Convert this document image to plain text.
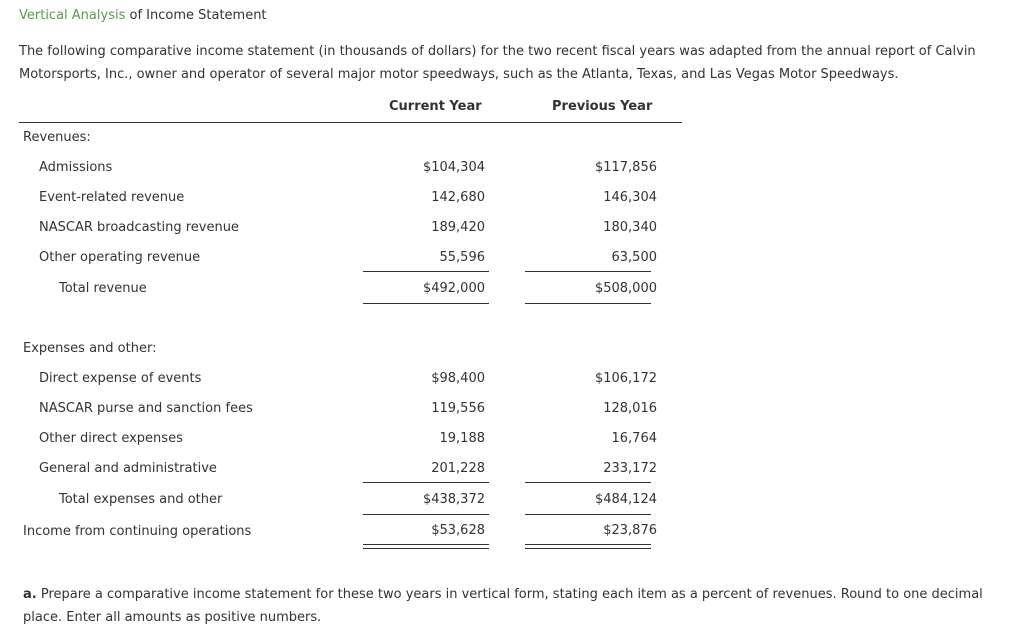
Vertical Analysis of Income Statement
The following comparative income statement (in thousands of dollars) for the two recent fiscal years was adapted from the annual report of Calvin Motorsports, Inc., owner and operator of several major motor speedways, such as the Atlanta, Texas, and Las Vegas Motor Speedways.
Current Year	Previous Year
Revenues:
Admissions	$104,304	$117,856
Event-related revenue	142,680	146,304
NASCAR broadcasting revenue	189,420	180,340
Other operating revenue	55,596	63,500
Total revenue	$492,000	$508,000
Expenses and other:
Direct expense of events	$98,400	$106,172
NASCAR purse and sanction fees	119,556	128,016
Other direct expenses	19,188	16,764
General and administrative	201,228	233,172
Total expenses and other	$438,372	$484,124
Income from continuing operations	$53,628	$23,876
a. Prepare a comparative income statement for these two years in vertical form, stating each item as a percent of revenues. Round to one decimal place. Enter all amounts as positive numbers.
